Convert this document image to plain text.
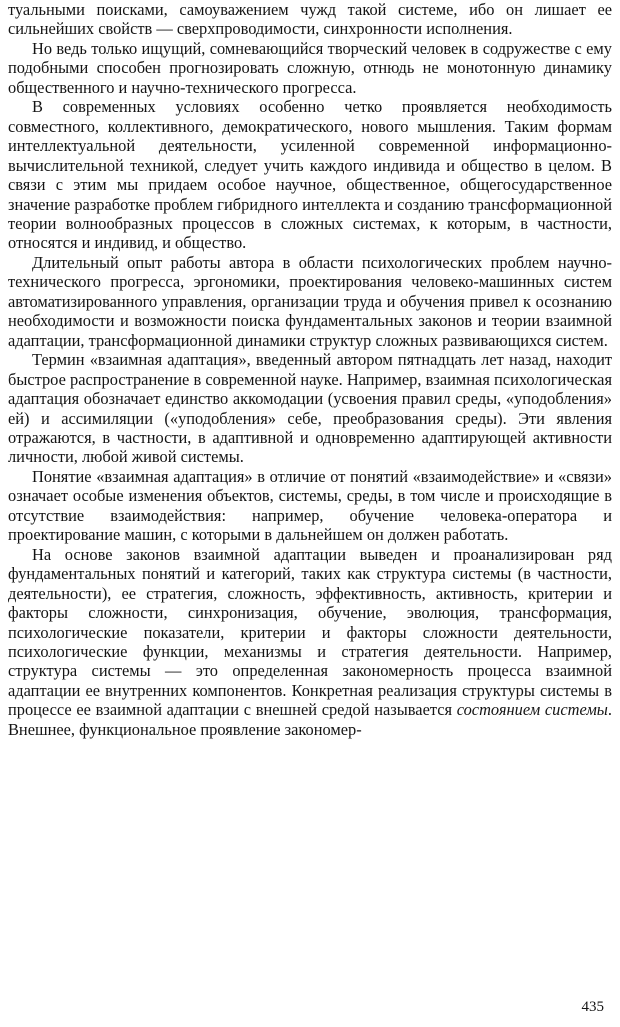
туальными поисками, самоуважением чужд такой системе, ибо он лишает ее сильнейших свойств — сверхпроводимости, синхронности исполнения.

Но ведь только ищущий, сомневающийся творческий человек в содружестве с ему подобными способен прогнозировать сложную, отнюдь не монотонную динамику общественного и научно-технического прогресса.

В современных условиях особенно четко проявляется необходимость совместного, коллективного, демократического, нового мышления. Таким формам интеллектуальной деятельности, усиленной современной информационно-вычислительной техникой, следует учить каждого индивида и общество в целом. В связи с этим мы придаем особое научное, общественное, общегосударственное значение разработке проблем гибридного интеллекта и созданию трансформационной теории волнообразных процессов в сложных системах, к которым, в частности, относятся и индивид, и общество.

Длительный опыт работы автора в области психологических проблем научно-технического прогресса, эргономики, проектирования человеко-машинных систем автоматизированного управления, организации труда и обучения привел к осознанию необходимости и возможности поиска фундаментальных законов и теории взаимной адаптации, трансформационной динамики структур сложных развивающихся систем.

Термин «взаимная адаптация», введенный автором пятнадцать лет назад, находит быстрое распространение в современной науке. Например, взаимная психологическая адаптация обозначает единство аккомодации (усвоения правил среды, «уподобления» ей) и ассимиляции («уподобления» себе, преобразования среды). Эти явления отражаются, в частности, в адаптивной и одновременно адаптирующей активности личности, любой живой системы.

Понятие «взаимная адаптация» в отличие от понятий «взаимодействие» и «связи» означает особые изменения объектов, системы, среды, в том числе и происходящие в отсутствие взаимодействия: например, обучение человека-оператора и проектирование машин, с которыми в дальнейшем он должен работать.

На основе законов взаимной адаптации выведен и проанализирован ряд фундаментальных понятий и категорий, таких как структура системы (в частности, деятельности), ее стратегия, сложность, эффективность, активность, критерии и факторы сложности, синхронизация, обучение, эволюция, трансформация, психологические показатели, критерии и факторы сложности деятельности, психологические функции, механизмы и стратегия деятельности. Например, структура системы — это определенная закономерность процесса взаимной адаптации ее внутренних компонентов. Конкретная реализация структуры системы в процессе ее взаимной адаптации с внешней средой называется состоянием системы. Внешнее, функциональное проявление закономер-

435
